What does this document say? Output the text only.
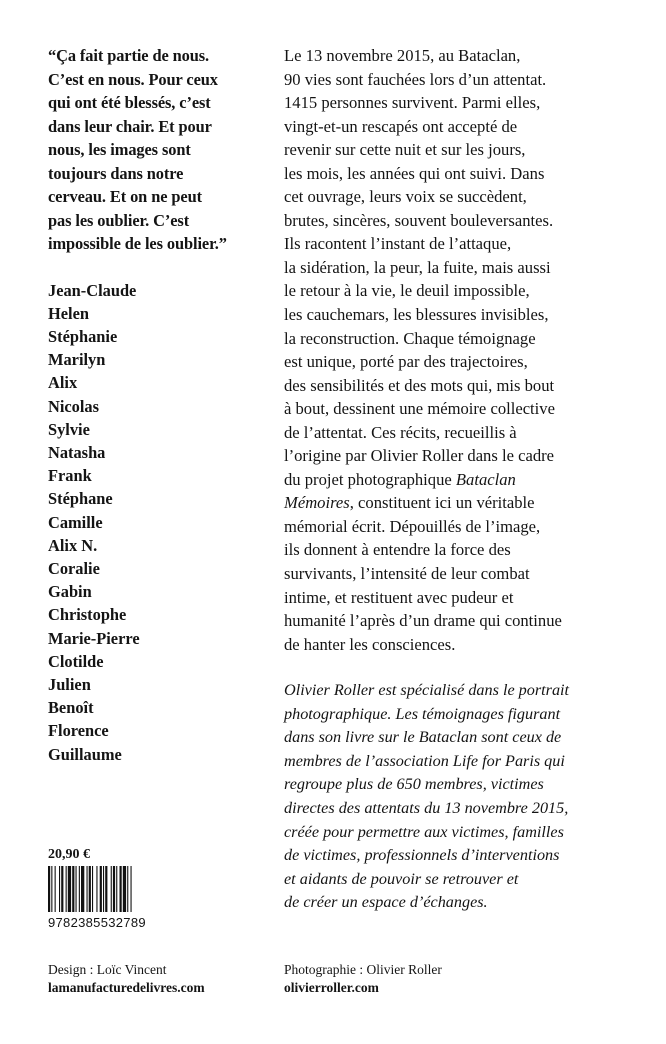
“Ça fait partie de nous.
C’est en nous. Pour ceux
qui ont été blessés, c’est
dans leur chair. Et pour
nous, les images sont
toujours dans notre
cerveau. Et on ne peut
pas les oublier. C’est
impossible de les oublier.”

Jean-Claude
Helen
Stéphanie
Marilyn
Alix
Nicolas
Sylvie
Natasha
Frank
Stéphane
Camille
Alix N.
Coralie
Gabin
Christophe
Marie-Pierre
Clotilde
Julien
Benoît
Florence
Guillaume
Le 13 novembre 2015, au Bataclan,
90 vies sont fauchées lors d’un attentat.
1415 personnes survivent. Parmi elles,
vingt-et-un rescapés ont accepté de
revenir sur cette nuit et sur les jours,
les mois, les années qui ont suivi. Dans
cet ouvrage, leurs voix se succèdent,
brutes, sincères, souvent bouleversantes.
Ils racontent l’instant de l’attaque,
la sidération, la peur, la fuite, mais aussi
le retour à la vie, le deuil impossible,
les cauchemars, les blessures invisibles,
la reconstruction. Chaque témoignage
est unique, porté par des trajectoires,
des sensibilités et des mots qui, mis bout
à bout, dessinent une mémoire collective
de l’attentat. Ces récits, recueillis à
l’origine par Olivier Roller dans le cadre
du projet photographique Bataclan
Mémoires, constituent ici un véritable
mémorial écrit. Dépouillés de l’image,
ils donnent à entendre la force des
survivants, l’intensité de leur combat
intime, et restituent avec pudeur et
humanité l’après d’un drame qui continue
de hanter les consciences.
Olivier Roller est spécialisé dans le portrait
photographique. Les témoignages figurant
dans son livre sur le Bataclan sont ceux de
membres de l’association Life for Paris qui
regroupe plus de 650 membres, victimes
directes des attentats du 13 novembre 2015,
créée pour permettre aux victimes, familles
de victimes, professionnels d’interventions
et aidants de pouvoir se retrouver et
de créer un espace d’échanges.
20,90 €
9782385532789
Design : Loïc Vincent
lamanufacturedelivres.com
Photographie : Olivier Roller
olivierroller.com
